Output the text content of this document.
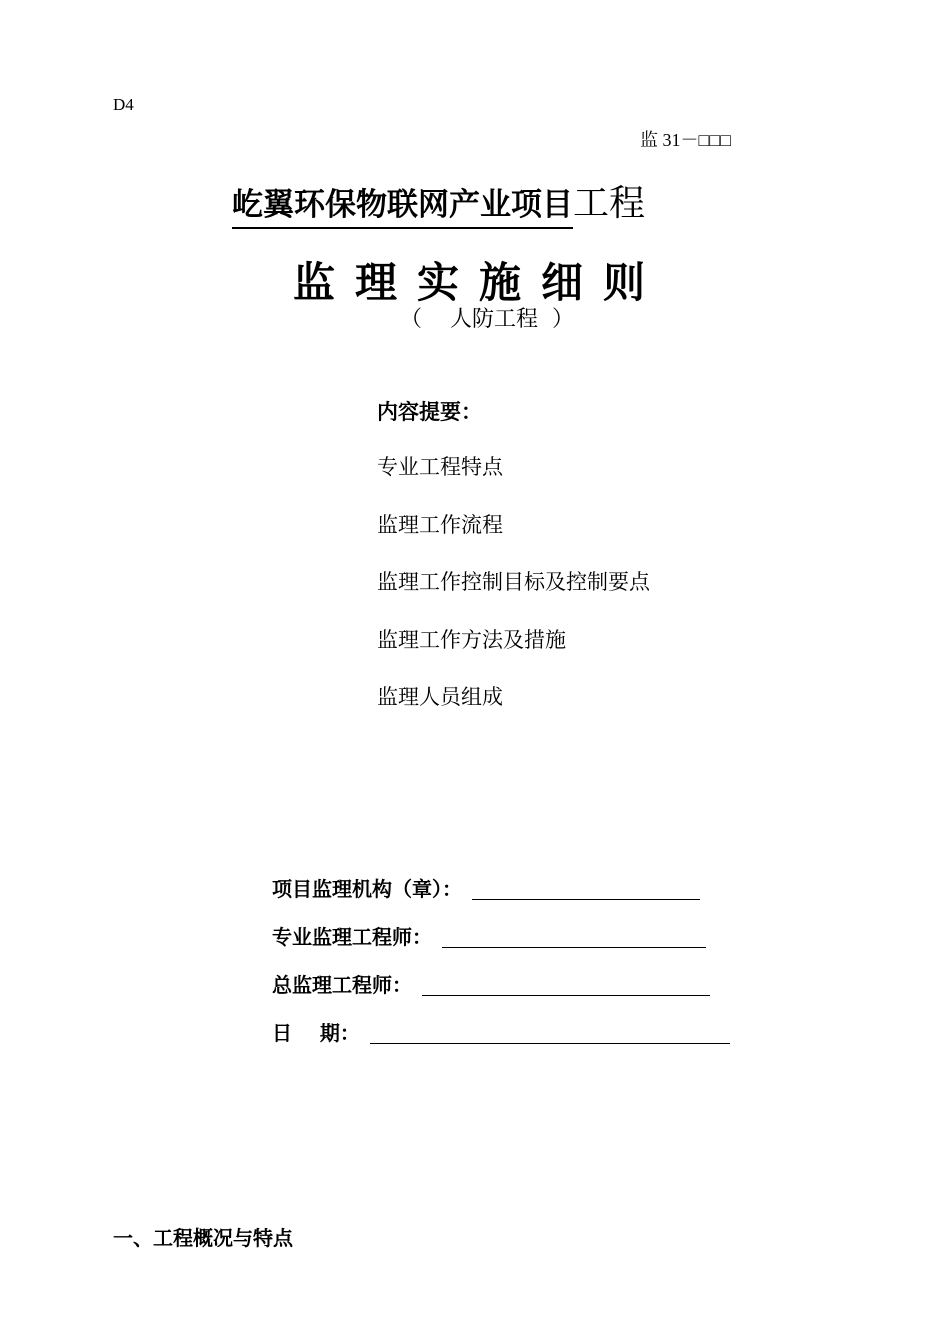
D4
监 31－□□□
屹翼环保物联网产业项目工程
监理实施细则
（    人防工程  ）
内容提要：
专业工程特点
监理工作流程
监理工作控制目标及控制要点
监理工作方法及措施
监理人员组成
项目监理机构（章）：
专业监理工程师：
总监理工程师：
日    期：
一、工程概况与特点
